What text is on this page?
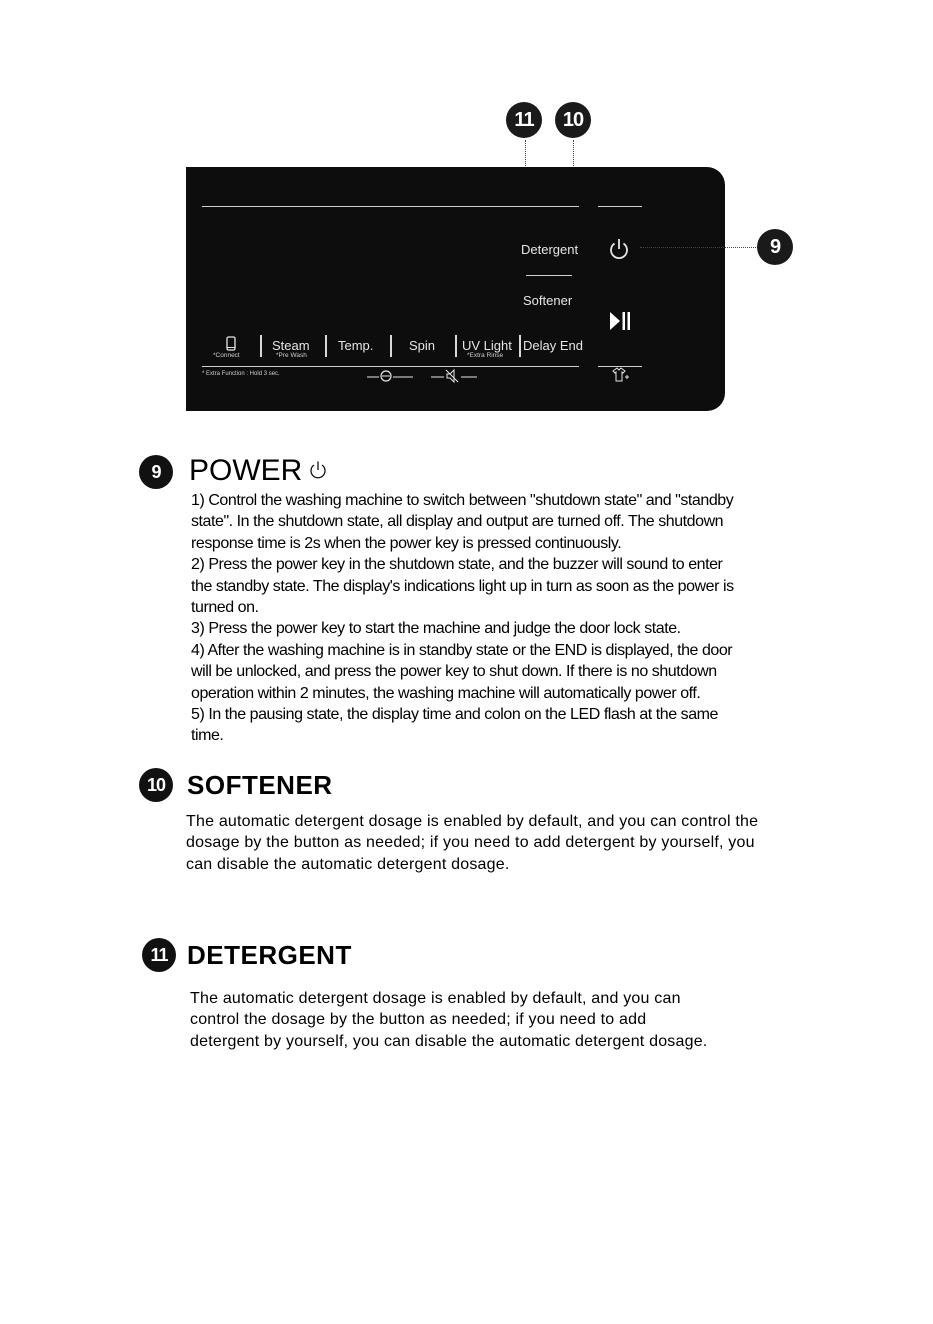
11	10
Detergent
Softener
*Connect
Steam
*Pre Wash
Temp.	Spin UV Light
*Extra Rinse
Delay End
* Extra Function : Hold 3 sec.
9
9 POWER
1) Control the washing machine to switch between "shutdown state" and "standby
state". In the shutdown state, all display and output are turned off. The shutdown
response time is 2s when the power key is pressed continuously.
2) Press the power key in the shutdown state, and the buzzer will sound to enter
the standby state. The display's indications light up in turn as soon as the power is
turned on.
3) Press the power key to start the machine and judge the door lock state.
4) After the washing machine is in standby state or the END is displayed, the door
will be unlocked, and press the power key to shut down. If there is no shutdown
operation within 2 minutes, the washing machine will automatically power off.
5) In the pausing state, the display time and colon on the LED flash at the same
time.
10 SOFTENER
The automatic detergent dosage is enabled by default, and you can control the
dosage by the button as needed; if you need to add detergent by yourself, you
can disable the automatic detergent dosage.
11 DETERGENT
The automatic detergent dosage is enabled by default, and you can
control the dosage by the button as needed; if you need to add
detergent by yourself, you can disable the automatic detergent dosage.
